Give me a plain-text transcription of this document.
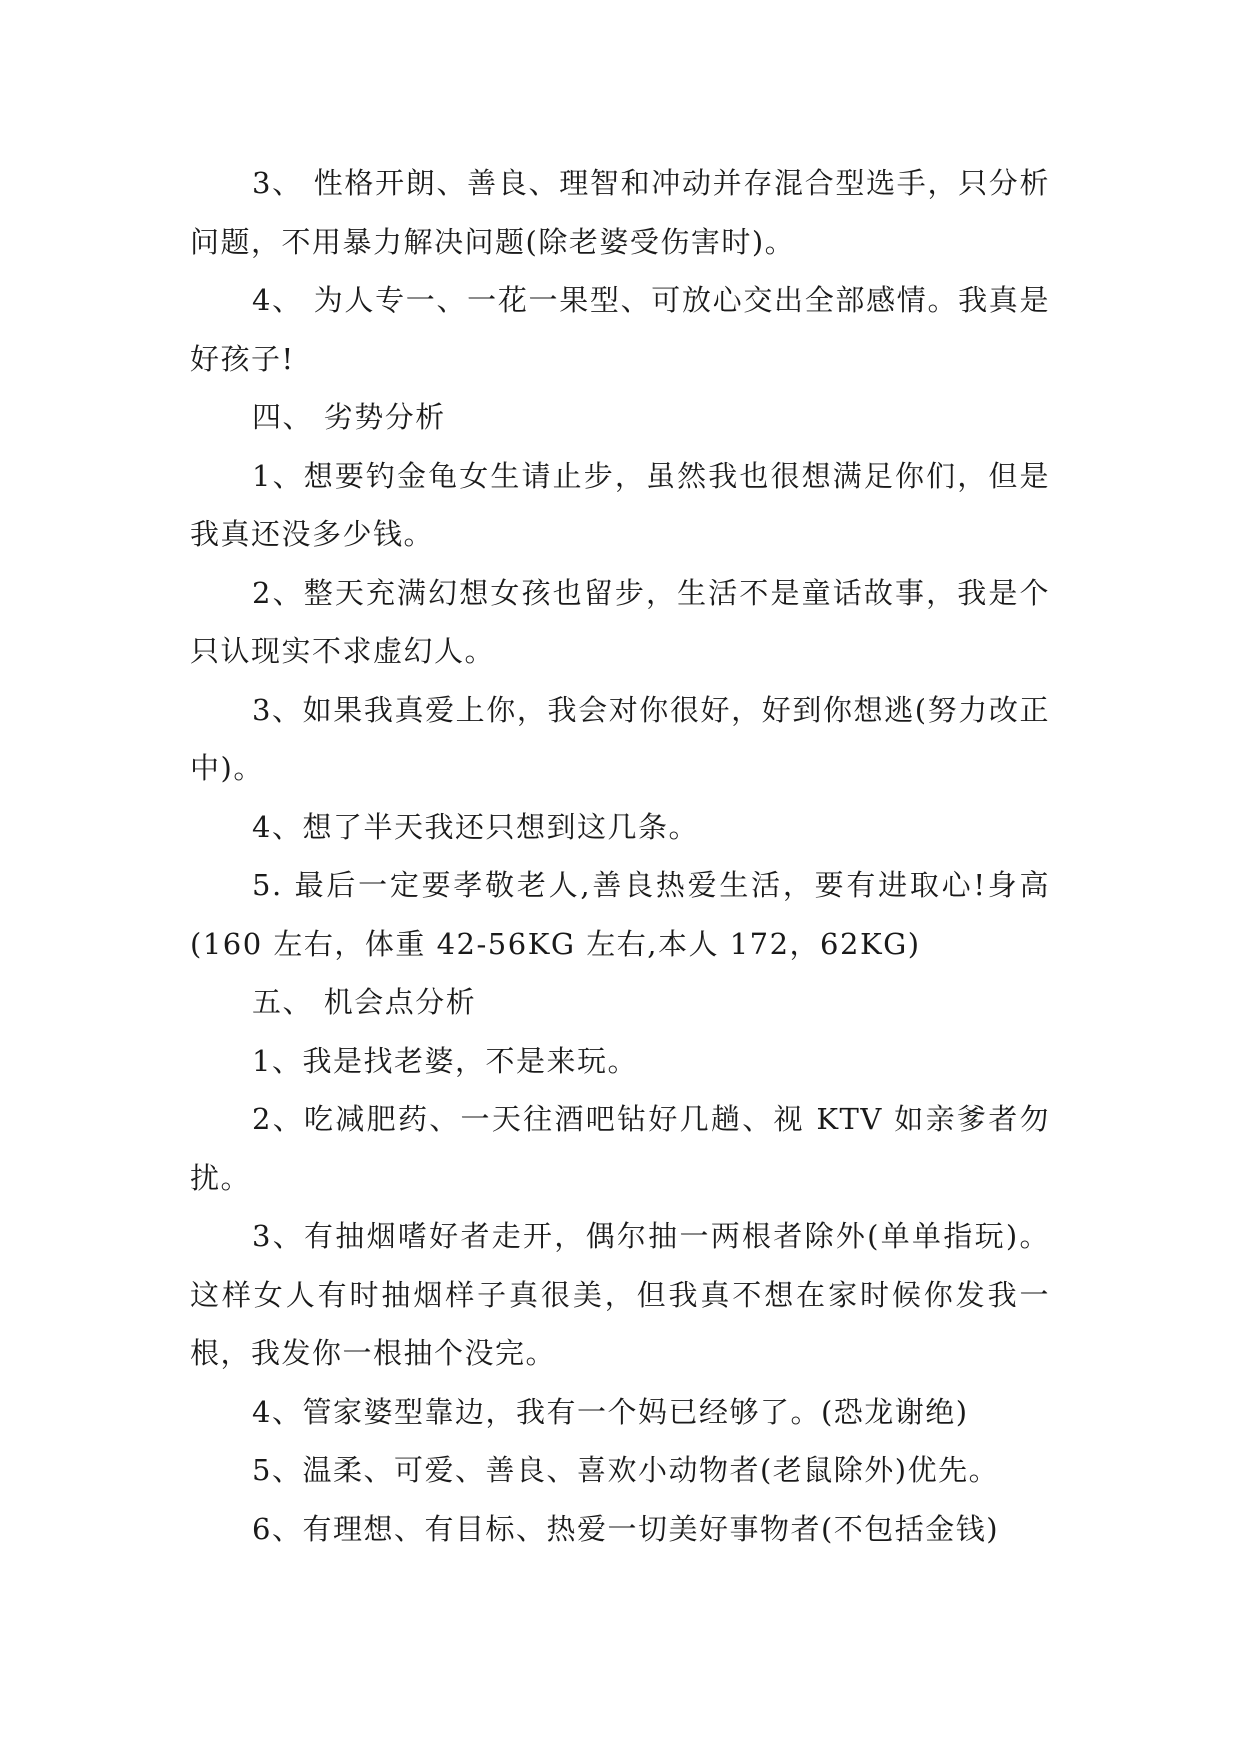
3、 性格开朗、善良、理智和冲动并存混合型选手，只分析问题，不用暴力解决问题(除老婆受伤害时)。

4、 为人专一、一花一果型、可放心交出全部感情。我真是好孩子!

四、 劣势分析

1、想要钓金龟女生请止步，虽然我也很想满足你们，但是我真还没多少钱。

2、整天充满幻想女孩也留步，生活不是童话故事，我是个只认现实不求虚幻人。

3、如果我真爱上你，我会对你很好，好到你想逃(努力改正中)。

4、想了半天我还只想到这几条。

5. 最后一定要孝敬老人,善良热爱生活，要有进取心!身高(160 左右，体重 42-56KG 左右,本人 172，62KG)

五、 机会点分析

1、我是找老婆，不是来玩。

2、吃减肥药、一天往酒吧钻好几趟、视 KTV 如亲爹者勿扰。

3、有抽烟嗜好者走开，偶尔抽一两根者除外(单单指玩)。这样女人有时抽烟样子真很美，但我真不想在家时候你发我一根，我发你一根抽个没完。

4、管家婆型靠边，我有一个妈已经够了。(恐龙谢绝)

5、温柔、可爱、善良、喜欢小动物者(老鼠除外)优先。

6、有理想、有目标、热爱一切美好事物者(不包括金钱)
